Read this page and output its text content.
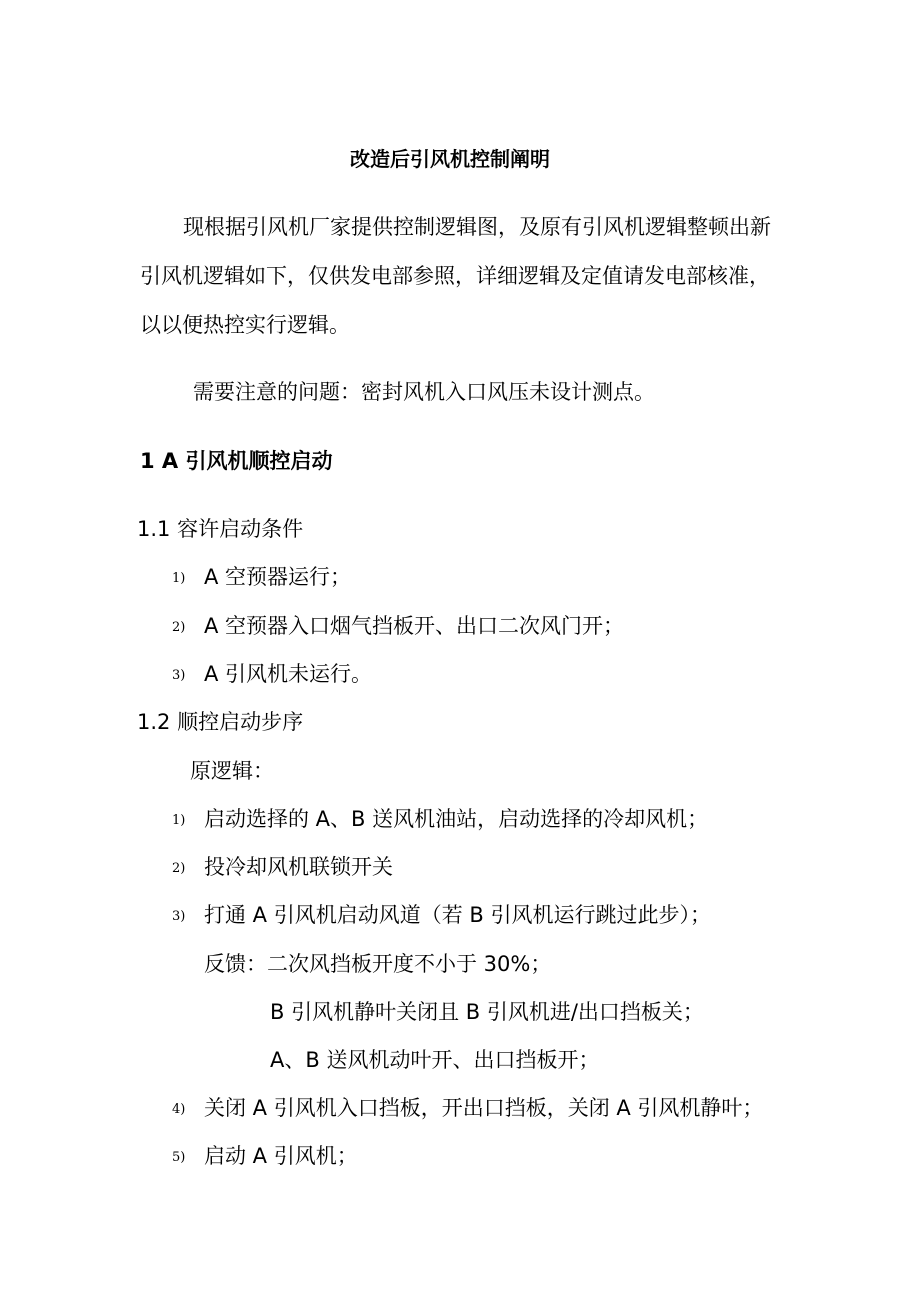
改造后引风机控制阐明
现根据引风机厂家提供控制逻辑图，及原有引风机逻辑整顿出新
引风机逻辑如下，仅供发电部参照，详细逻辑及定值请发电部核准，
以以便热控实行逻辑。
需要注意的问题：密封风机入口风压未设计测点。
1 A 引风机顺控启动
1.1 容许启动条件
1) A 空预器运行；
2) A 空预器入口烟气挡板开、出口二次风门开；
3) A 引风机未运行。
1.2 顺控启动步序
原逻辑：
1) 启动选择的 A、B 送风机油站，启动选择的冷却风机；
2) 投冷却风机联锁开关
3) 打通 A 引风机启动风道（若 B 引风机运行跳过此步）；
反馈：二次风挡板开度不小于 30%；
B 引风机静叶关闭且 B 引风机进/出口挡板关；
A、B 送风机动叶开、出口挡板开；
4) 关闭 A 引风机入口挡板，开出口挡板，关闭 A 引风机静叶；
5) 启动 A 引风机；
